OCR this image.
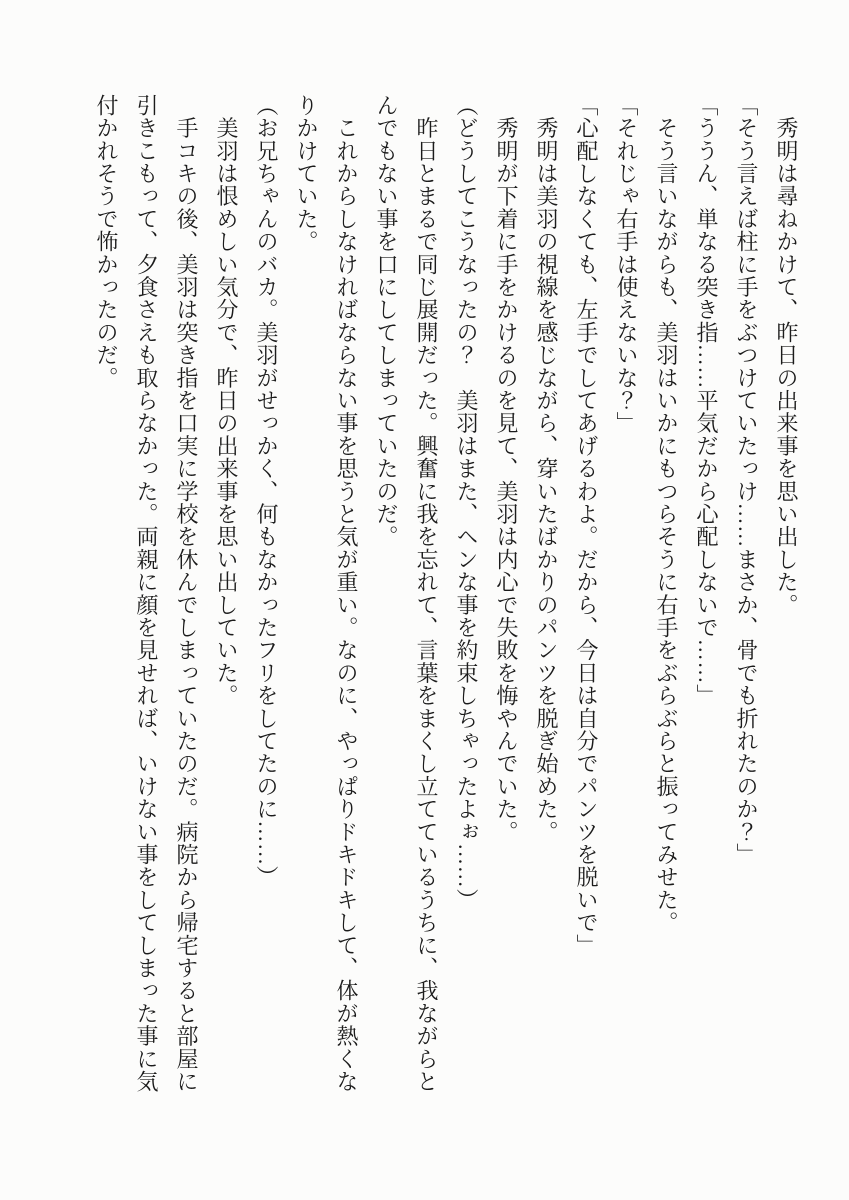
　秀明は尋ねかけて、昨日の出来事を思い出した。

「そう言えば柱に手をぶつけていたっけ……まさか、骨でも折れたのか？」

「ううん、単なる突き指……平気だから心配しないで……」

　そう言いながらも、美羽はいかにもつらそうに右手をぶらぶらと振ってみせた。

「それじゃ右手は使えないな？」

「心配しなくても、左手でしてあげるわよ。だから、今日は自分でパンツを脱いで」

　秀明は美羽の視線を感じながら、穿いたばかりのパンツを脱ぎ始めた。

　秀明が下着に手をかけるのを見て、美羽は内心で失敗を悔やんでいた。

（どうしてこうなったの？　美羽はまた、ヘンな事を約束しちゃったよぉ……）

　昨日とまるで同じ展開だった。興奮に我を忘れて、言葉をまくし立てているうちに、我ながらとんでもない事を口にしてしまっていたのだ。

　これからしなければならない事を思うと気が重い。なのに、やっぱりドキドキして、体が熱くなりかけていた。

（お兄ちゃんのバカ。美羽がせっかく、何もなかったフリをしてたのに……）

　美羽は恨めしい気分で、昨日の出来事を思い出していた。

　手コキの後、美羽は突き指を口実に学校を休んでしまっていたのだ。病院から帰宅すると部屋に引きこもって、夕食さえも取らなかった。両親に顔を見せれば、いけない事をしてしまった事に気付かれそうで怖かったのだ。
